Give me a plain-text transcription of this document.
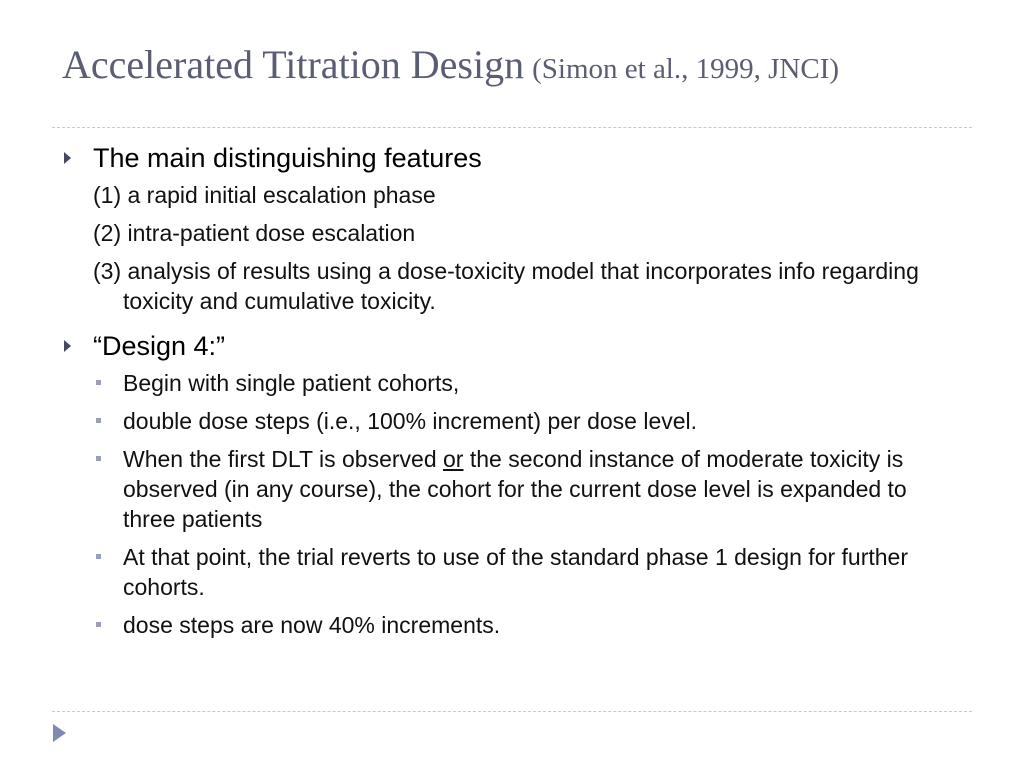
Accelerated Titration Design (Simon et al., 1999, JNCI)
The main distinguishing features
(1) a rapid initial escalation phase
(2) intra-patient dose escalation
(3) analysis of results using a dose-toxicity model that incorporates info regarding toxicity and cumulative toxicity.
“Design 4:”
Begin with single patient cohorts,
double dose steps (i.e., 100% increment) per dose level.
When the first DLT is observed or the second instance of moderate toxicity is observed (in any course), the cohort for the current dose level is expanded to three patients
At that point, the trial reverts to use of the standard phase 1 design for further cohorts.
dose steps are now 40% increments.
